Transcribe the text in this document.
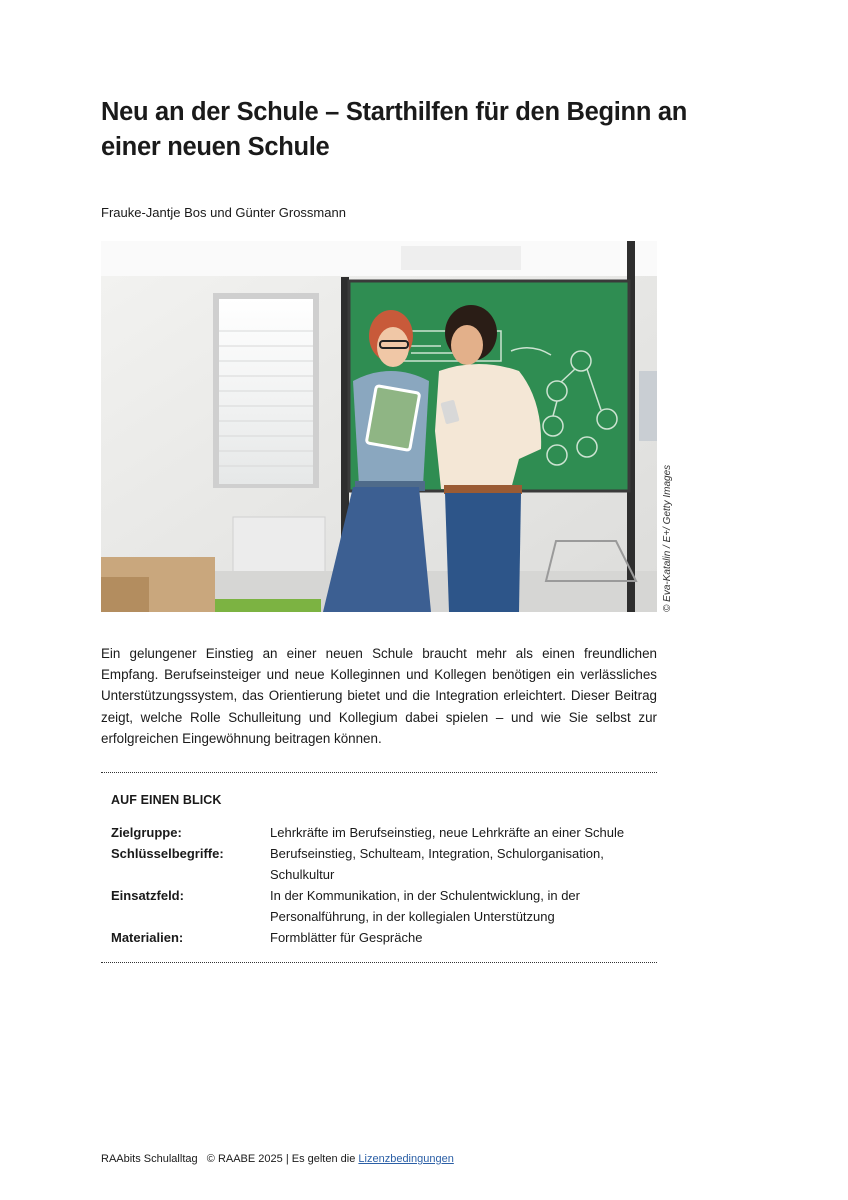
Neu an der Schule – Starthilfen für den Beginn an einer neuen Schule
Frauke-Jantje Bos und Günter Grossmann
© Eva-Katalin / E+/ Getty Images

Ein gelungener Einstieg an einer neuen Schule braucht mehr als einen freundlichen Empfang. Berufseinsteiger und neue Kolleginnen und Kollegen benötigen ein verlässliches Unterstützungssystem, das Orientierung bietet und die Integration erleichtert. Dieser Beitrag zeigt, welche Rolle Schulleitung und Kollegium dabei spielen – und wie Sie selbst zur erfolgreichen Eingewöhnung beitragen können.

AUF EINEN BLICK
Zielgruppe:	Lehrkräfte im Berufseinstieg, neue Lehrkräfte an einer Schule
Schlüsselbegriffe:	Berufseinstieg, Schulteam, Integration, Schulorganisation, Schulkultur
Einsatzfeld:	In der Kommunikation, in der Schulentwicklung, in der Personalführung, in der kollegialen Unterstützung
Materialien:	Formblätter für Gespräche
RAAbits Schulalltag © RAABE 2025 | Es gelten die Lizenzbedingungen
